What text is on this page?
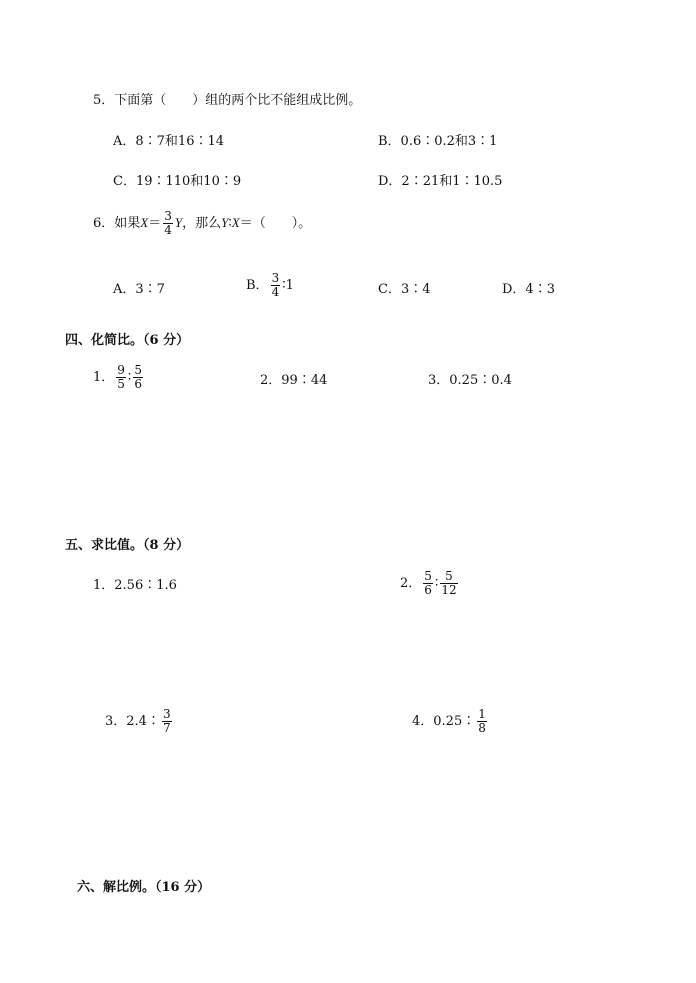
5．下面第（　　）组的两个比不能组成比例。
A．8∶7和16∶14	B．0.6∶0.2和3∶1
C．19∶110和10∶9	D．2∶21和1∶10.5
6．如果$X= \frac{3}{4}$ Y，那么Y∶X＝（　　）。
A．3∶7	B． $\frac{3}{4}$ ∶1	C．3∶4	D．4∶3
四、化简比。（6 分）
1． $\frac{9}{5}$ ∶ $\frac{5}{6}$	2．99∶44	3．0.25∶0.4
五、求比值。（8 分）
1．2.56∶1.6	2． $\frac{5}{6}$ ∶ $\frac{5}{12}$
3．2.4∶ $\frac{3}{7}$	4．0.25∶ $\frac{1}{8}$
六、解比例。（16 分）
